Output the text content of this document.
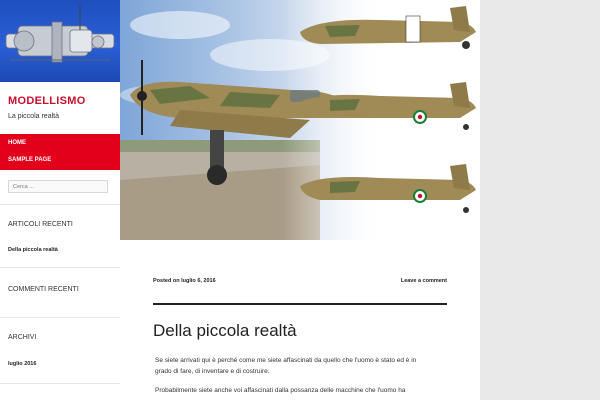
MODELLISMO
La piccola realtà
HOME
SAMPLE PAGE
Cerca ...
ARTICOLI RECENTI
Della piccola realtà
COMMENTI RECENTI
ARCHIVI
luglio 2016
Posted on luglio 6, 2016	Leave a comment
Della piccola realtà
Se siete arrivati qui è perché come me siete affascinati da quello che l'uomo è stato ed è in
grado di fare, di inventare e di costruire.
Probabilmente siete anche voi affascinati dalla possanza delle macchine che l'uomo ha
